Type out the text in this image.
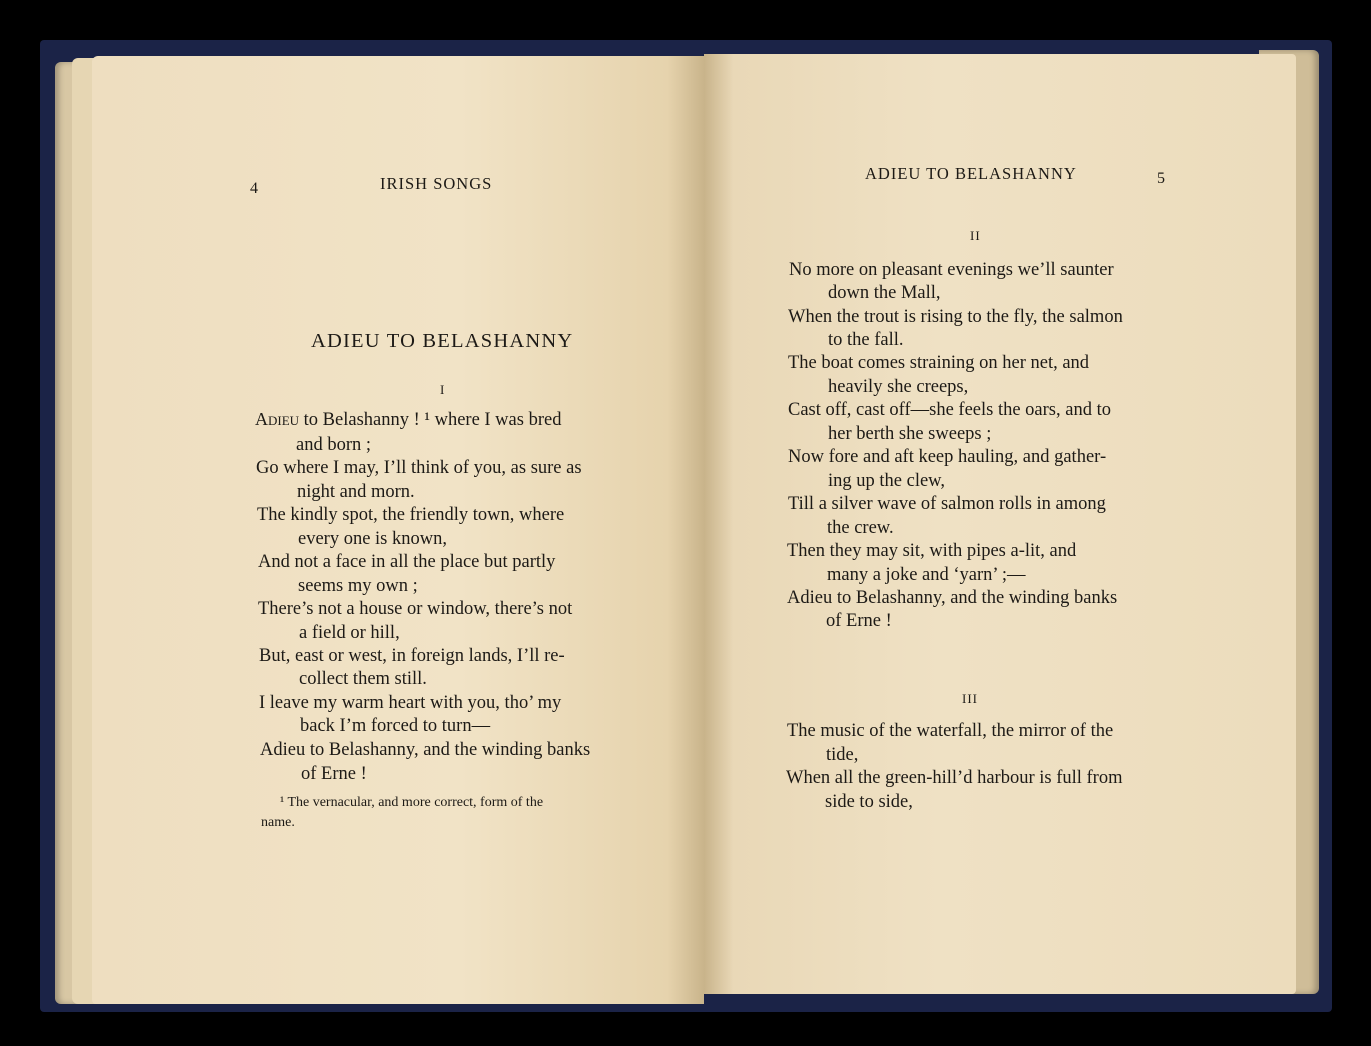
4	IRISH SONGS
ADIEU TO BELASHANNY
I
Adieu to Belashanny ! ¹ where I was bred
and born ;
Go where I may, I’ll think of you, as sure as
night and morn.
The kindly spot, the friendly town, where
every one is known,
And not a face in all the place but partly
seems my own ;
There’s not a house or window, there’s not
a field or hill,
But, east or west, in foreign lands, I’ll re-
collect them still.
I leave my warm heart with you, tho’ my
back I’m forced to turn—
Adieu to Belashanny, and the winding banks
of Erne !
¹ The vernacular, and more correct, form of the
name.
ADIEU TO BELASHANNY	5
II
No more on pleasant evenings we’ll saunter
down the Mall,
When the trout is rising to the fly, the salmon
to the fall.
The boat comes straining on her net, and
heavily she creeps,
Cast off, cast off—she feels the oars, and to
her berth she sweeps ;
Now fore and aft keep hauling, and gather-
ing up the clew,
Till a silver wave of salmon rolls in among
the crew.
Then they may sit, with pipes a-lit, and
many a joke and ‘yarn’ ;—
Adieu to Belashanny, and the winding banks
of Erne !
III
The music of the waterfall, the mirror of the
tide,
When all the green-hill’d harbour is full from
side to side,
